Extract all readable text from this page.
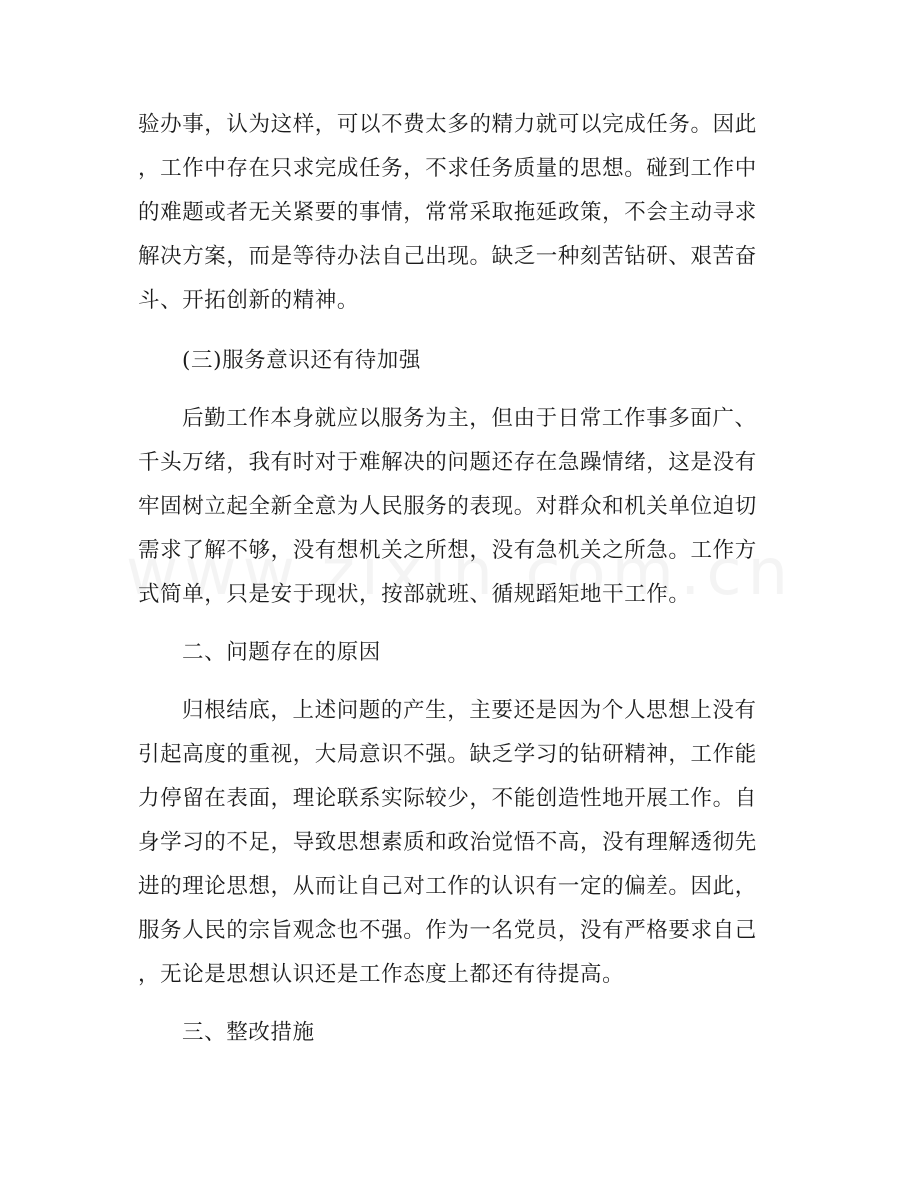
验办事，认为这样，可以不费太多的精力就可以完成任务。因此

，工作中存在只求完成任务，不求任务质量的思想。碰到工作中

的难题或者无关紧要的事情，常常采取拖延政策，不会主动寻求

解决方案，而是等待办法自己出现。缺乏一种刻苦钻研、艰苦奋

斗、开拓创新的精神。

(三)服务意识还有待加强

后勤工作本身就应以服务为主，但由于日常工作事多面广、

千头万绪，我有时对于难解决的问题还存在急躁情绪，这是没有

牢固树立起全新全意为人民服务的表现。对群众和机关单位迫切

需求了解不够，没有想机关之所想，没有急机关之所急。工作方

式简单，只是安于现状，按部就班、循规蹈矩地干工作。

二、问题存在的原因

归根结底，上述问题的产生，主要还是因为个人思想上没有

引起高度的重视，大局意识不强。缺乏学习的钻研精神，工作能

力停留在表面，理论联系实际较少，不能创造性地开展工作。自

身学习的不足，导致思想素质和政治觉悟不高，没有理解透彻先

进的理论思想，从而让自己对工作的认识有一定的偏差。因此，

服务人民的宗旨观念也不强。作为一名党员，没有严格要求自己

，无论是思想认识还是工作态度上都还有待提高。

三、整改措施
